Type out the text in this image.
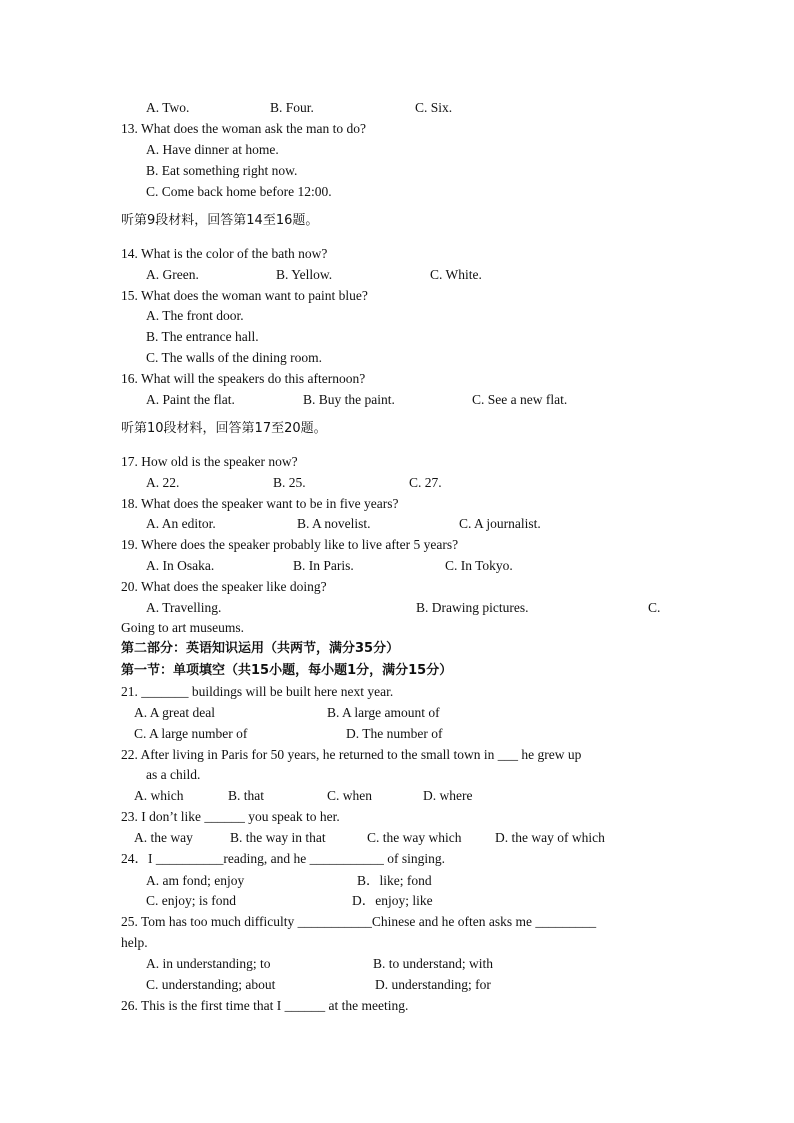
A. Two.	B. Four.	C. Six.
13. What does the woman ask the man to do?
A. Have dinner at home.
B. Eat something right now.
C. Come back home before 12:00.
听第9段材料，回答第14至16题。
14. What is the color of the bath now?
A. Green.	B. Yellow.	C. White.
15. What does the woman want to paint blue?
A. The front door.
B. The entrance hall.
C. The walls of the dining room.
16. What will the speakers do this afternoon?
A. Paint the flat.	B. Buy the paint.	C. See a new flat.
听第10段材料，回答第17至20题。
17. How old is the speaker now?
A. 22.	B. 25.	C. 27.
18. What does the speaker want to be in five years?
A. An editor.	B. A novelist.	C. A journalist.
19. Where does the speaker probably like to live after 5 years?
A. In Osaka.	B. In Paris.	C. In Tokyo.
20. What does the speaker like doing?
A. Travelling.	B. Drawing pictures.	C.
Going to art museums.
第二部分：英语知识运用（共两节，满分35分）
第一节：单项填空（共15小题，每小题1分，满分15分）
21. _______ buildings will be built here next year.
A. A great deal	B. A large amount of
C. A large number of	D. The number of
22. After living in Paris for 50 years, he returned to the small town in ___ he grew up
as a child.
A. which	B. that	C. when	D. where
23. I don’t like ______ you speak to her.
A. the way	B. the way in that	C. the way which D. the way of which
24．I __________reading, and he ___________ of singing.
A. am fond; enjoy	B．like; fond
C. enjoy; is fond	D．enjoy; like
25. Tom has too much difficulty ___________Chinese and he often asks me _________
help.
A. in understanding; to	B. to understand; with
C. understanding; about	D. understanding; for
26. This is the first time that I ______ at the meeting.
